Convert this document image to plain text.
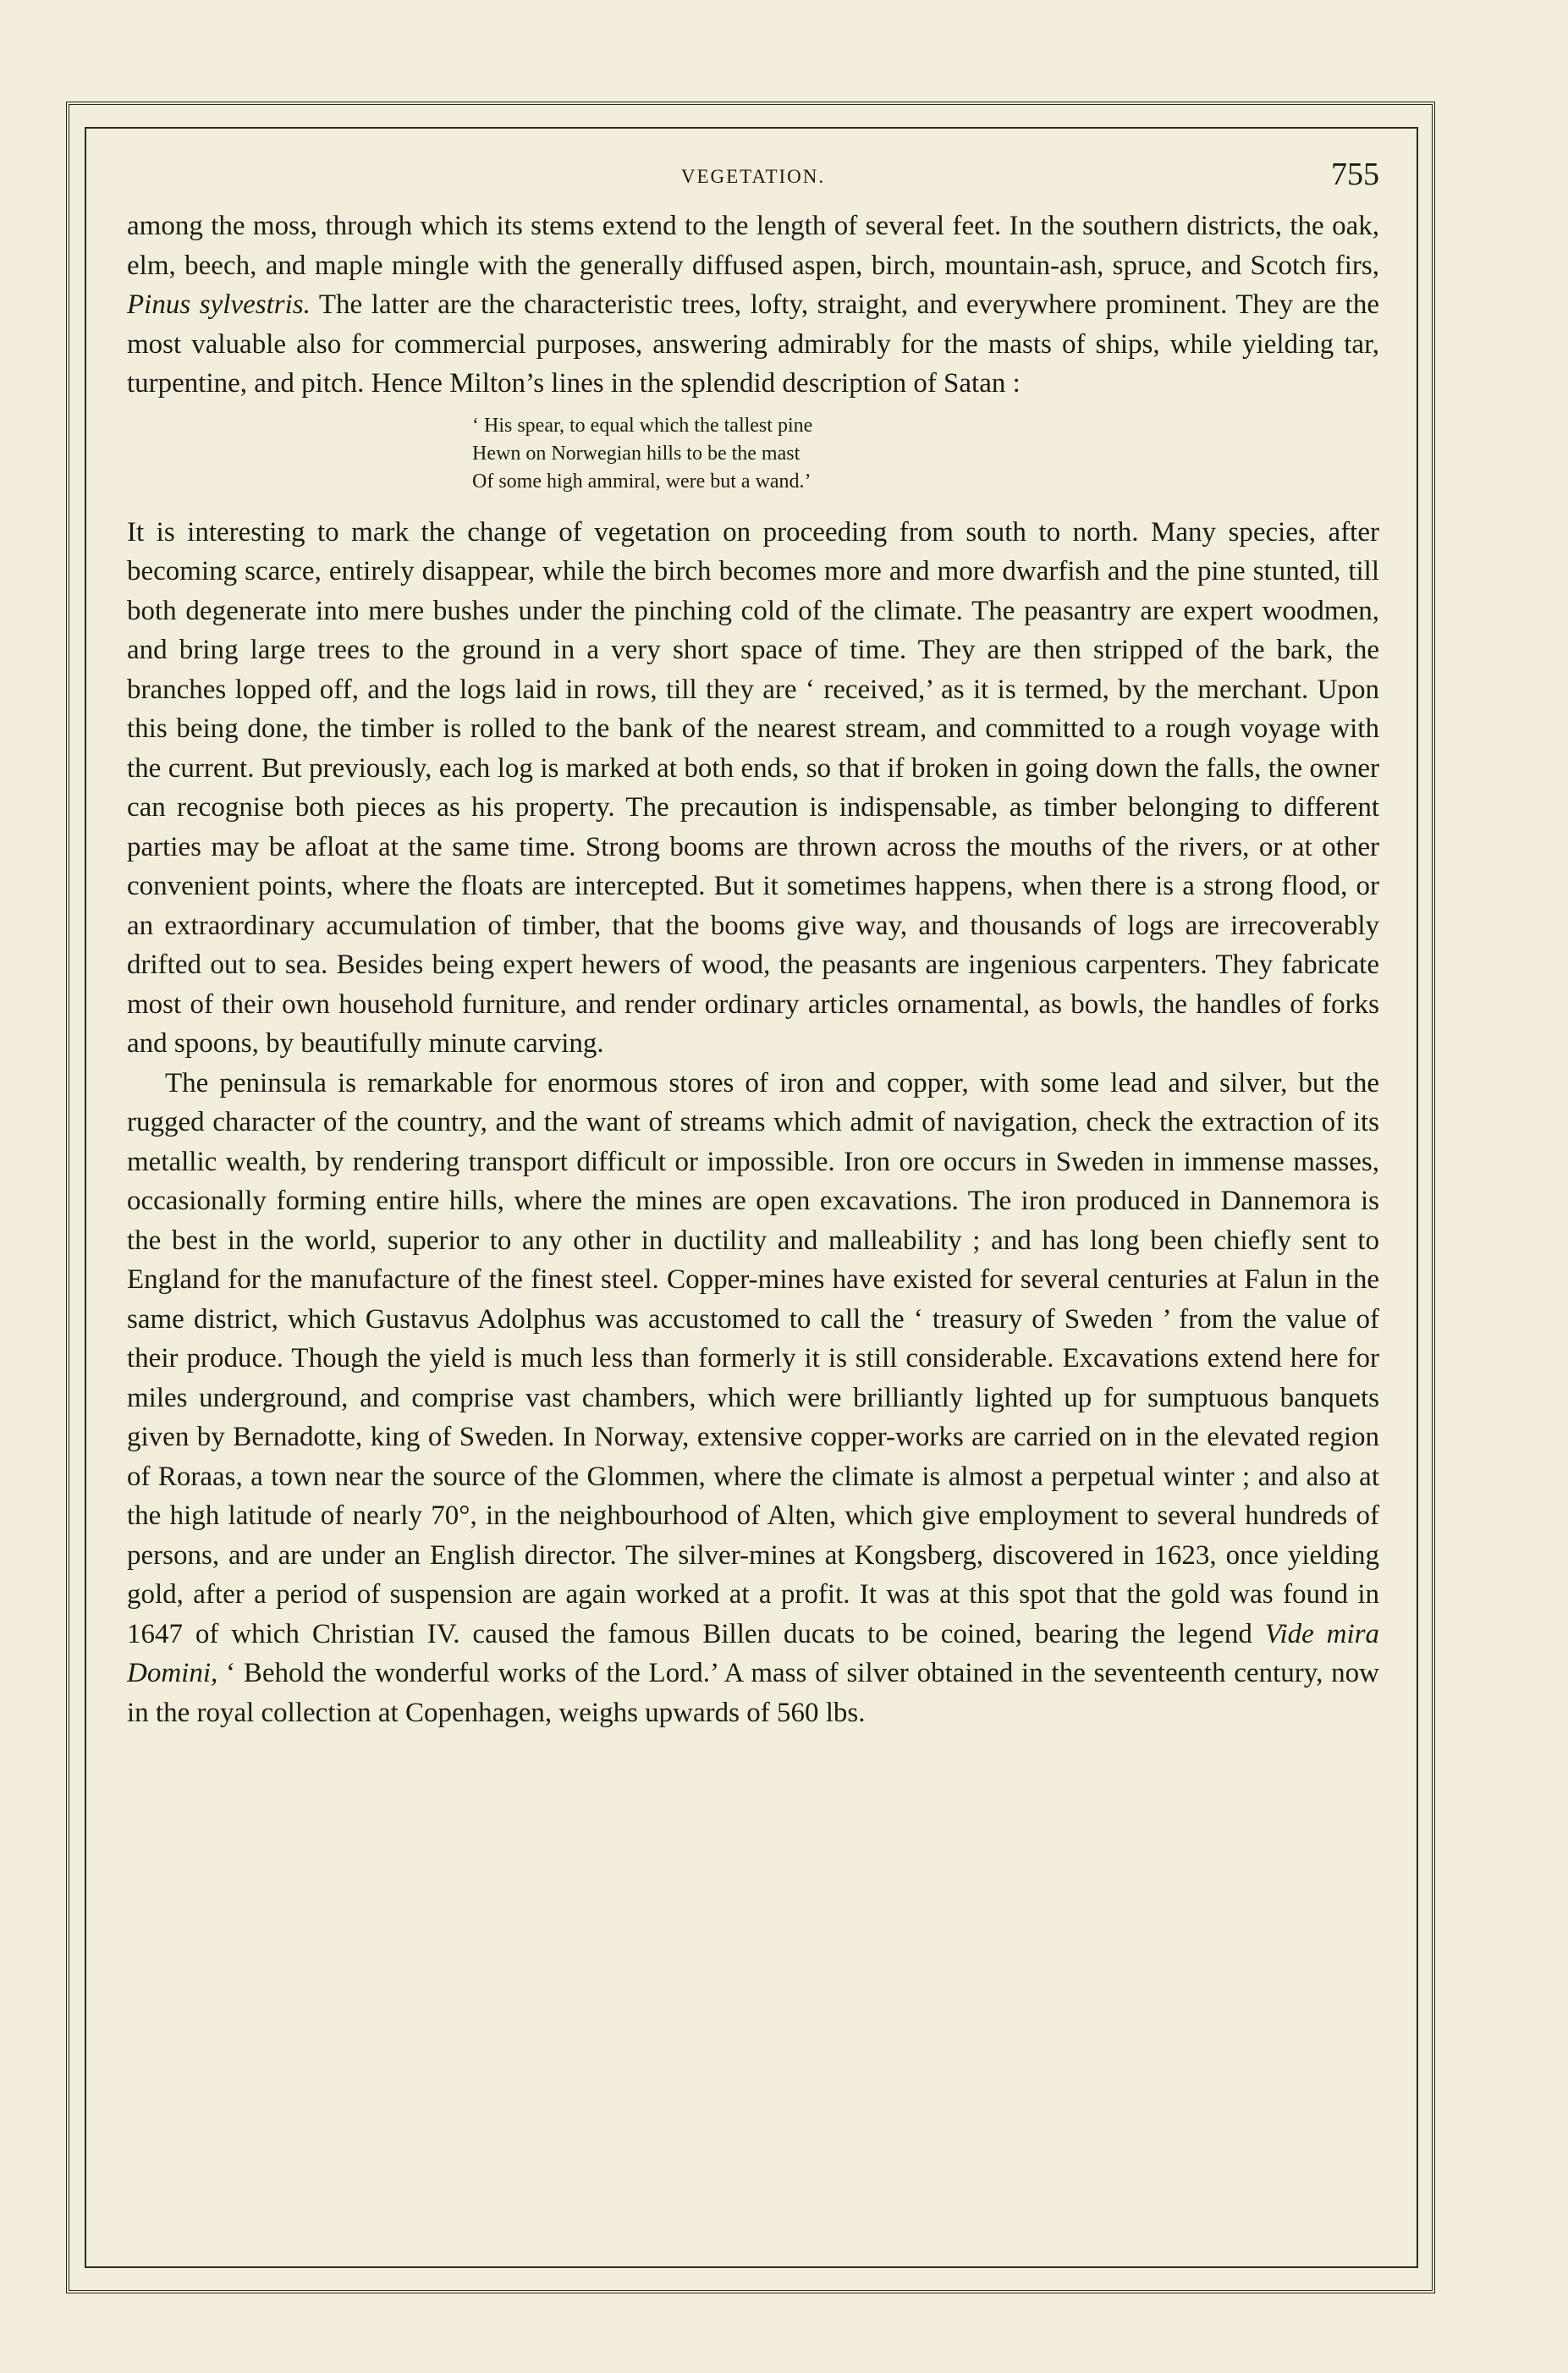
VEGETATION.	755

among the moss, through which its stems extend to the length of several feet. In the southern districts, the oak, elm, beech, and maple mingle with the generally diffused aspen, birch, mountain-ash, spruce, and Scotch firs, Pinus sylvestris. The latter are the characteristic trees, lofty, straight, and everywhere prominent. They are the most valuable also for commercial purposes, answering admirably for the masts of ships, while yielding tar, turpentine, and pitch. Hence Milton’s lines in the splendid description of Satan :

‘ His spear, to equal which the tallest pine
Hewn on Norwegian hills to be the mast
Of some high ammiral, were but a wand.’

It is interesting to mark the change of vegetation on proceeding from south to north. Many species, after becoming scarce, entirely disappear, while the birch becomes more and more dwarfish and the pine stunted, till both degenerate into mere bushes under the pinching cold of the climate. The peasantry are expert woodmen, and bring large trees to the ground in a very short space of time. They are then stripped of the bark, the branches lopped off, and the logs laid in rows, till they are ‘ received,’ as it is termed, by the merchant. Upon this being done, the timber is rolled to the bank of the nearest stream, and committed to a rough voyage with the current. But previously, each log is marked at both ends, so that if broken in going down the falls, the owner can recognise both pieces as his property. The precaution is indispensable, as timber belonging to different parties may be afloat at the same time. Strong booms are thrown across the mouths of the rivers, or at other convenient points, where the floats are intercepted. But it sometimes happens, when there is a strong flood, or an extraordinary accumulation of timber, that the booms give way, and thousands of logs are irrecoverably drifted out to sea. Besides being expert hewers of wood, the peasants are ingenious carpenters. They fabricate most of their own household furniture, and render ordinary articles ornamental, as bowls, the handles of forks and spoons, by beautifully minute carving.

The peninsula is remarkable for enormous stores of iron and copper, with some lead and silver, but the rugged character of the country, and the want of streams which admit of navigation, check the extraction of its metallic wealth, by rendering transport difficult or impossible. Iron ore occurs in Sweden in immense masses, occasionally forming entire hills, where the mines are open excavations. The iron produced in Dannemora is the best in the world, superior to any other in ductility and malleability ; and has long been chiefly sent to England for the manufacture of the finest steel. Copper-mines have existed for several centuries at Falun in the same district, which Gustavus Adolphus was accustomed to call the ‘ treasury of Sweden ’ from the value of their produce. Though the yield is much less than formerly it is still considerable. Excavations extend here for miles underground, and comprise vast chambers, which were brilliantly lighted up for sumptuous banquets given by Bernadotte, king of Sweden. In Norway, extensive copper-works are carried on in the elevated region of Roraas, a town near the source of the Glommen, where the climate is almost a perpetual winter ; and also at the high latitude of nearly 70°, in the neighbourhood of Alten, which give employment to several hundreds of persons, and are under an English director. The silver-mines at Kongsberg, discovered in 1623, once yielding gold, after a period of suspension are again worked at a profit. It was at this spot that the gold was found in 1647 of which Christian IV. caused the famous Billen ducats to be coined, bearing the legend Vide mira Domini, ‘ Behold the wonderful works of the Lord.’ A mass of silver obtained in the seventeenth century, now in the royal collection at Copenhagen, weighs upwards of 560 lbs.
